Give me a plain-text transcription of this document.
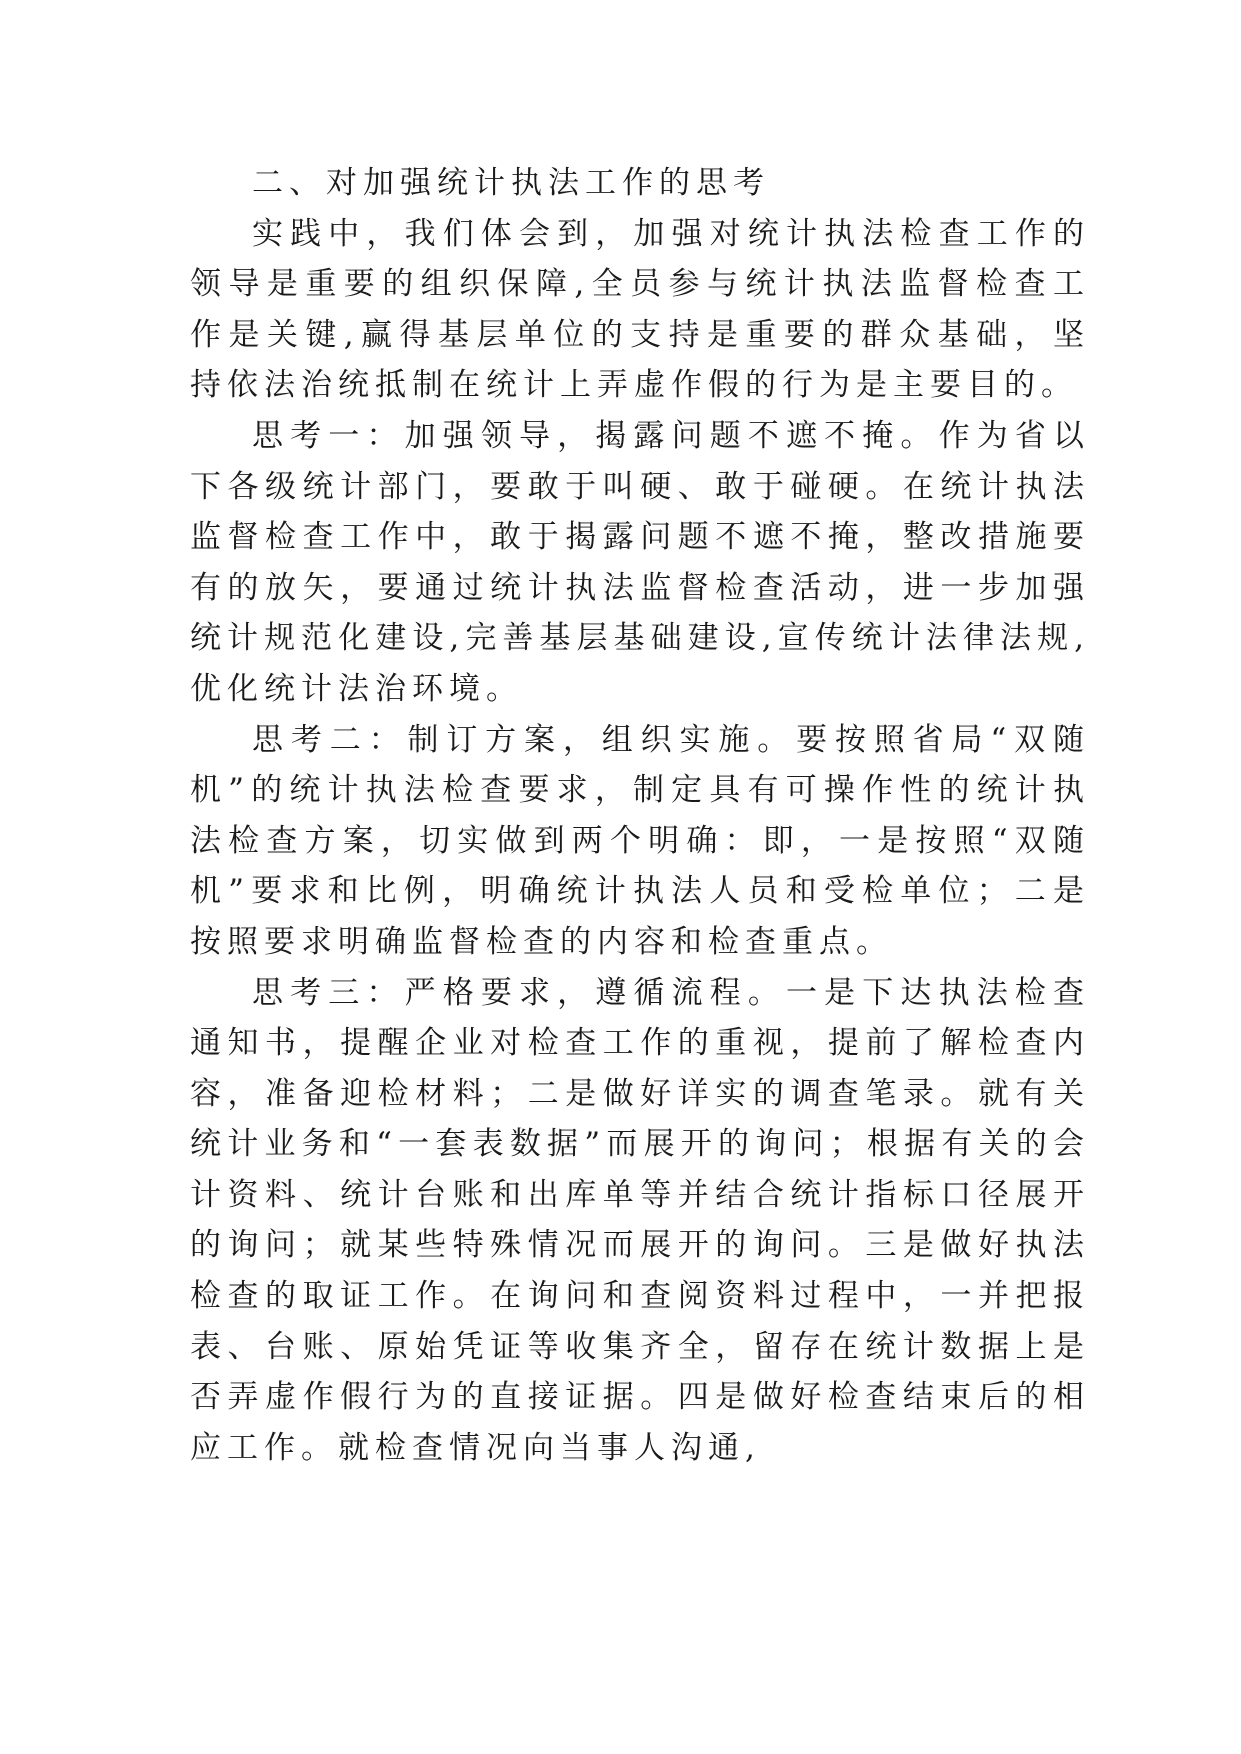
二、对加强统计执法工作的思考

实践中，我们体会到，加强对统计执法检查工作的领导是重要的组织保障,全员参与统计执法监督检查工作是关键,赢得基层单位的支持是重要的群众基础，坚持依法治统抵制在统计上弄虚作假的行为是主要目的。

思考一：加强领导，揭露问题不遮不掩。作为省以下各级统计部门，要敢于叫硬、敢于碰硬。在统计执法监督检查工作中，敢于揭露问题不遮不掩，整改措施要有的放矢，要通过统计执法监督检查活动，进一步加强统计规范化建设,完善基层基础建设,宣传统计法律法规,优化统计法治环境。

思考二：制订方案，组织实施。要按照省局“双随机”的统计执法检查要求，制定具有可操作性的统计执法检查方案，切实做到两个明确：即，一是按照“双随机”要求和比例，明确统计执法人员和受检单位；二是按照要求明确监督检查的内容和检查重点。

思考三：严格要求，遵循流程。一是下达执法检查通知书，提醒企业对检查工作的重视，提前了解检查内容，准备迎检材料；二是做好详实的调查笔录。就有关统计业务和“一套表数据”而展开的询问；根据有关的会计资料、统计台账和出库单等并结合统计指标口径展开的询问；就某些特殊情况而展开的询问。三是做好执法检查的取证工作。在询问和查阅资料过程中，一并把报表、台账、原始凭证等收集齐全，留存在统计数据上是否弄虚作假行为的直接证据。四是做好检查结束后的相应工作。就检查情况向当事人沟通,
